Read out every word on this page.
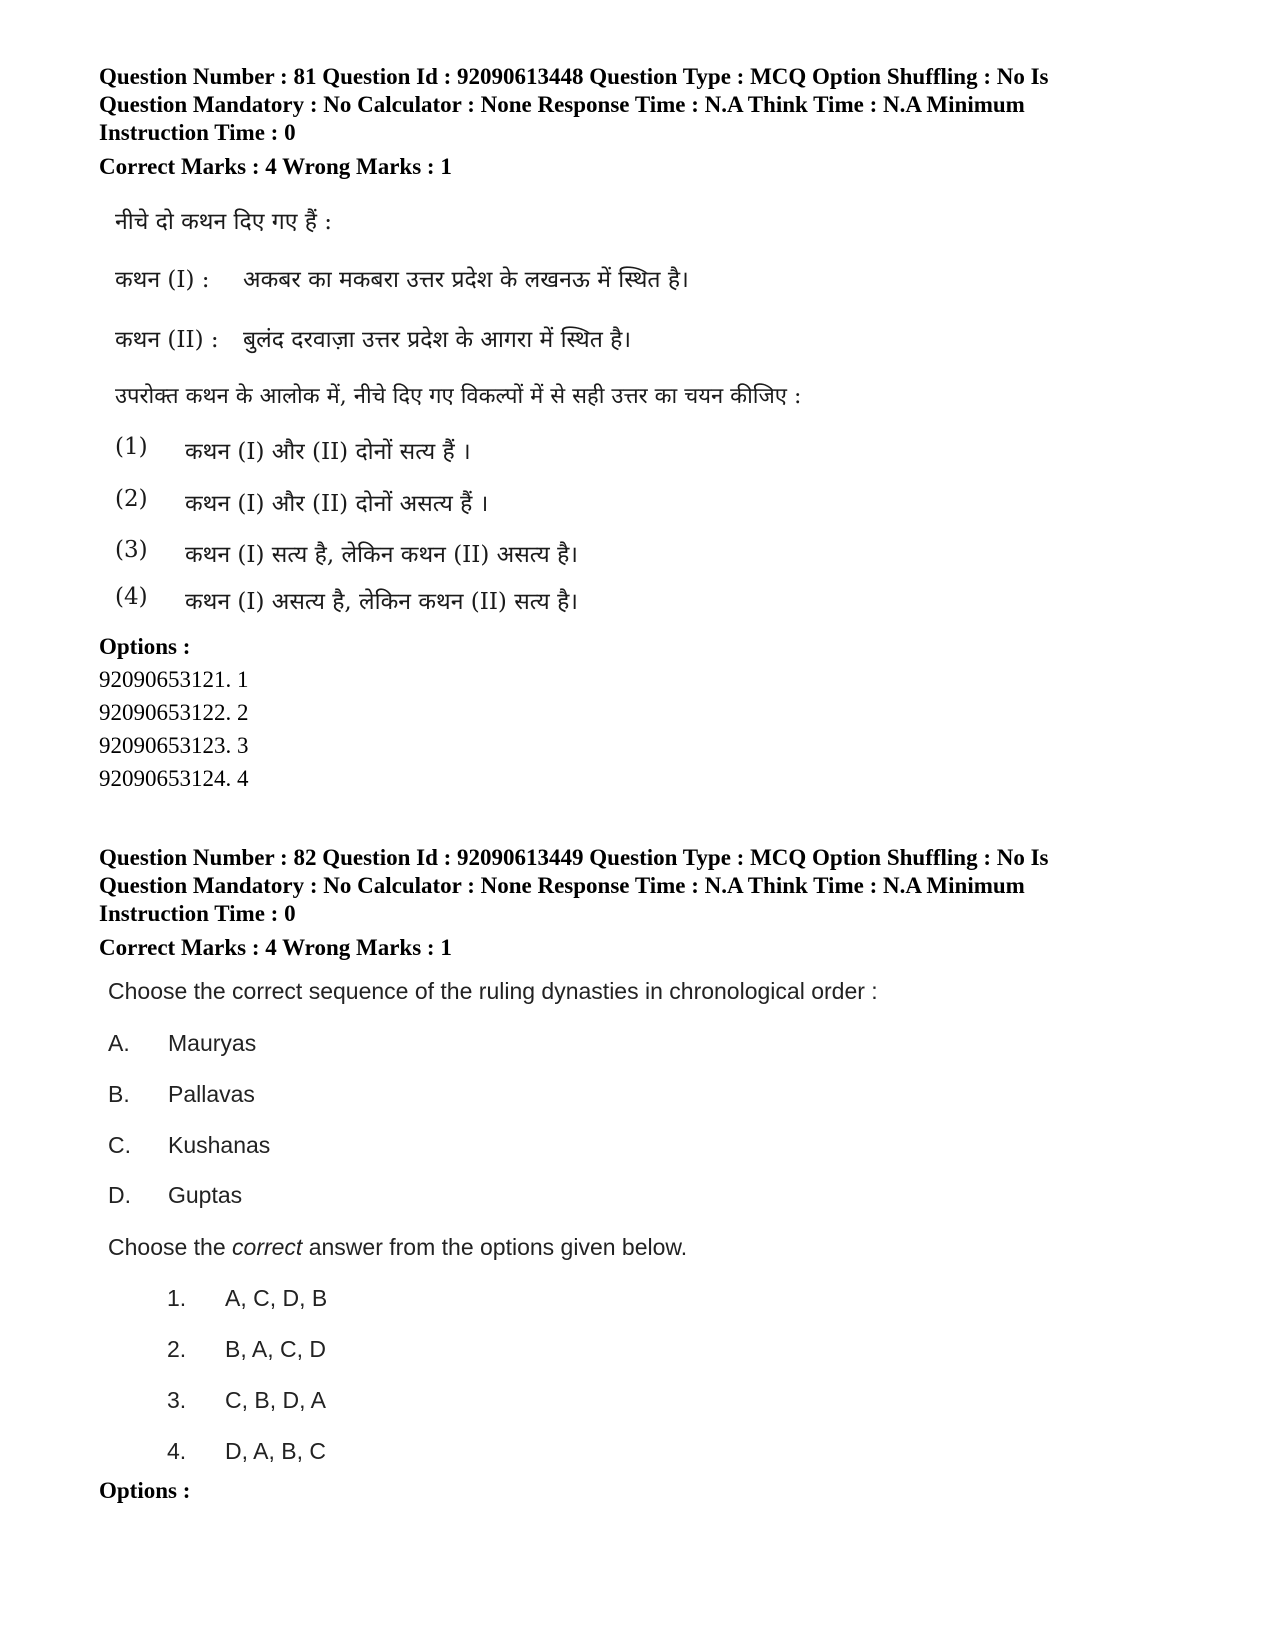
Question Number : 81 Question Id : 92090613448 Question Type : MCQ Option Shuffling : No Is
Question Mandatory : No Calculator : None Response Time : N.A Think Time : N.A Minimum
Instruction Time : 0
Correct Marks : 4 Wrong Marks : 1
नीचे दो कथन दिए गए हैं :
कथन (I) : अकबर का मकबरा उत्तर प्रदेश के लखनऊ में स्थित है।
कथन (II) : बुलंद दरवाज़ा उत्तर प्रदेश के आगरा में स्थित है।
उपरोक्त कथन के आलोक में, नीचे दिए गए विकल्पों में से सही उत्तर का चयन कीजिए :
(1)	कथन (I) और (II) दोनों सत्य हैं ।
(2)	कथन (I) और (II) दोनों असत्य हैं ।
(3)	कथन (I) सत्य है, लेकिन कथन (II) असत्य है।
(4)	कथन (I) असत्य है, लेकिन कथन (II) सत्य है।
Options :
92090653121. 1
92090653122. 2
92090653123. 3
92090653124. 4
Question Number : 82 Question Id : 92090613449 Question Type : MCQ Option Shuffling : No Is
Question Mandatory : No Calculator : None Response Time : N.A Think Time : N.A Minimum
Instruction Time : 0
Correct Marks : 4 Wrong Marks : 1
Choose the correct sequence of the ruling dynasties in chronological order :
A. Mauryas
B. Pallavas
C. Kushanas
D. Guptas
Choose the correct answer from the options given below.
1. A, C, D, B
2. B, A, C, D
3. C, B, D, A
4. D, A, B, C
Options :
